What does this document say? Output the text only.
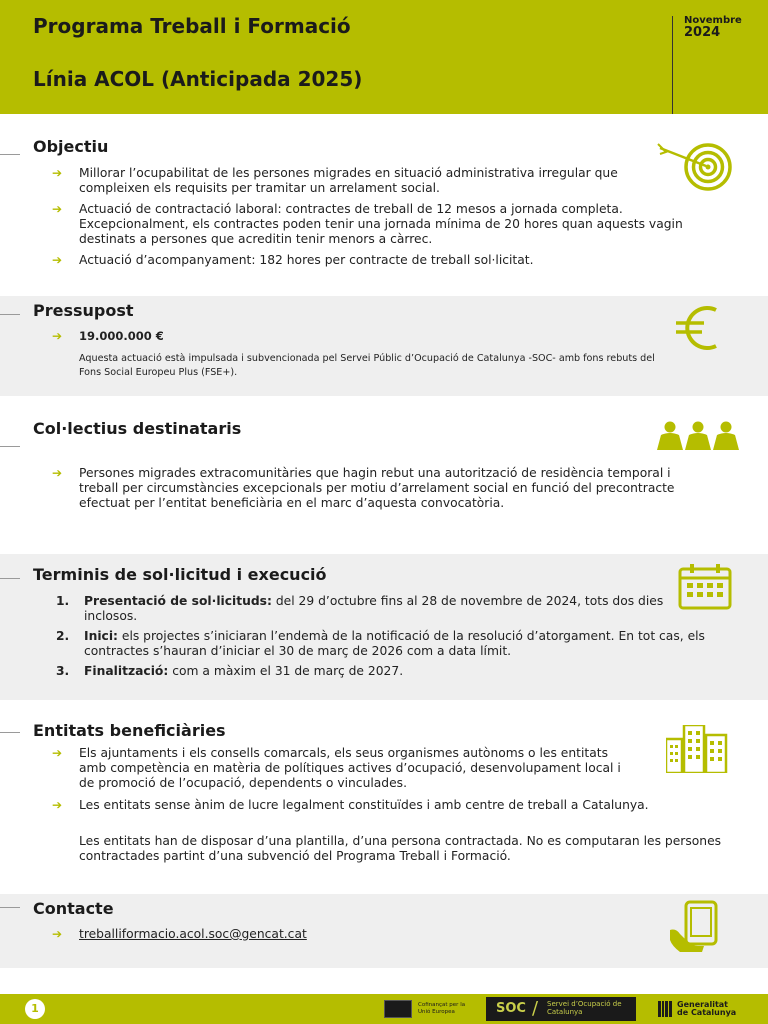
Programa Treball i Formació
Línia ACOL (Anticipada 2025)
Novembre
2024
Objectiu
➔ Millorar l’ocupabilitat de les persones migrades en situació administrativa irregular que compleixen els requisits per tramitar un arrelament social.
➔ Actuació de contractació laboral: contractes de treball de 12 mesos a jornada completa. Excepcionalment, els contractes poden tenir una jornada mínima de 20 hores quan aquests vagin destinats a persones que acreditin tenir menors a càrrec.
➔ Actuació d’acompanyament: 182 hores per contracte de treball sol·licitat.
Pressupost
➔ 19.000.000 €
Aquesta actuació està impulsada i subvencionada pel Servei Públic d’Ocupació de Catalunya -SOC- amb fons rebuts del Fons Social Europeu Plus (FSE+).
Col·lectius destinataris
➔ Persones migrades extracomunitàries que hagin rebut una autorització de residència temporal i treball per circumstàncies excepcionals per motiu d’arrelament social en funció del precontracte efectuat per l’entitat beneficiària en el marc d’aquesta convocatòria.
Terminis de sol·licitud i execució
1. Presentació de sol·licituds: del 29 d’octubre fins al 28 de novembre de 2024, tots dos dies inclosos.
2. Inici: els projectes s’iniciaran l’endemà de la notificació de la resolució d’atorgament. En tot cas, els contractes s’hauran d’iniciar el 30 de març de 2026 com a data límit.
3. Finalització: com a màxim el 31 de març de 2027.
Entitats beneficiàries
➔ Els ajuntaments i els consells comarcals, els seus organismes autònoms o les entitats amb competència en matèria de polítiques actives d’ocupació, desenvolupament local i de promoció de l’ocupació, dependents o vinculades.
➔ Les entitats sense ànim de lucre legalment constituïdes i amb centre de treball a Catalunya.
Les entitats han de disposar d’una plantilla, d’una persona contractada. No es computaran les persones contractades partint d’una subvenció del Programa Treball i Formació.
Contacte
➔ treballiformacio.acol.soc@gencat.cat
1	Cofinançat per la Unió Europea	SOC / Servei d’Ocupació de Catalunya
Generalitat
de Catalunya
